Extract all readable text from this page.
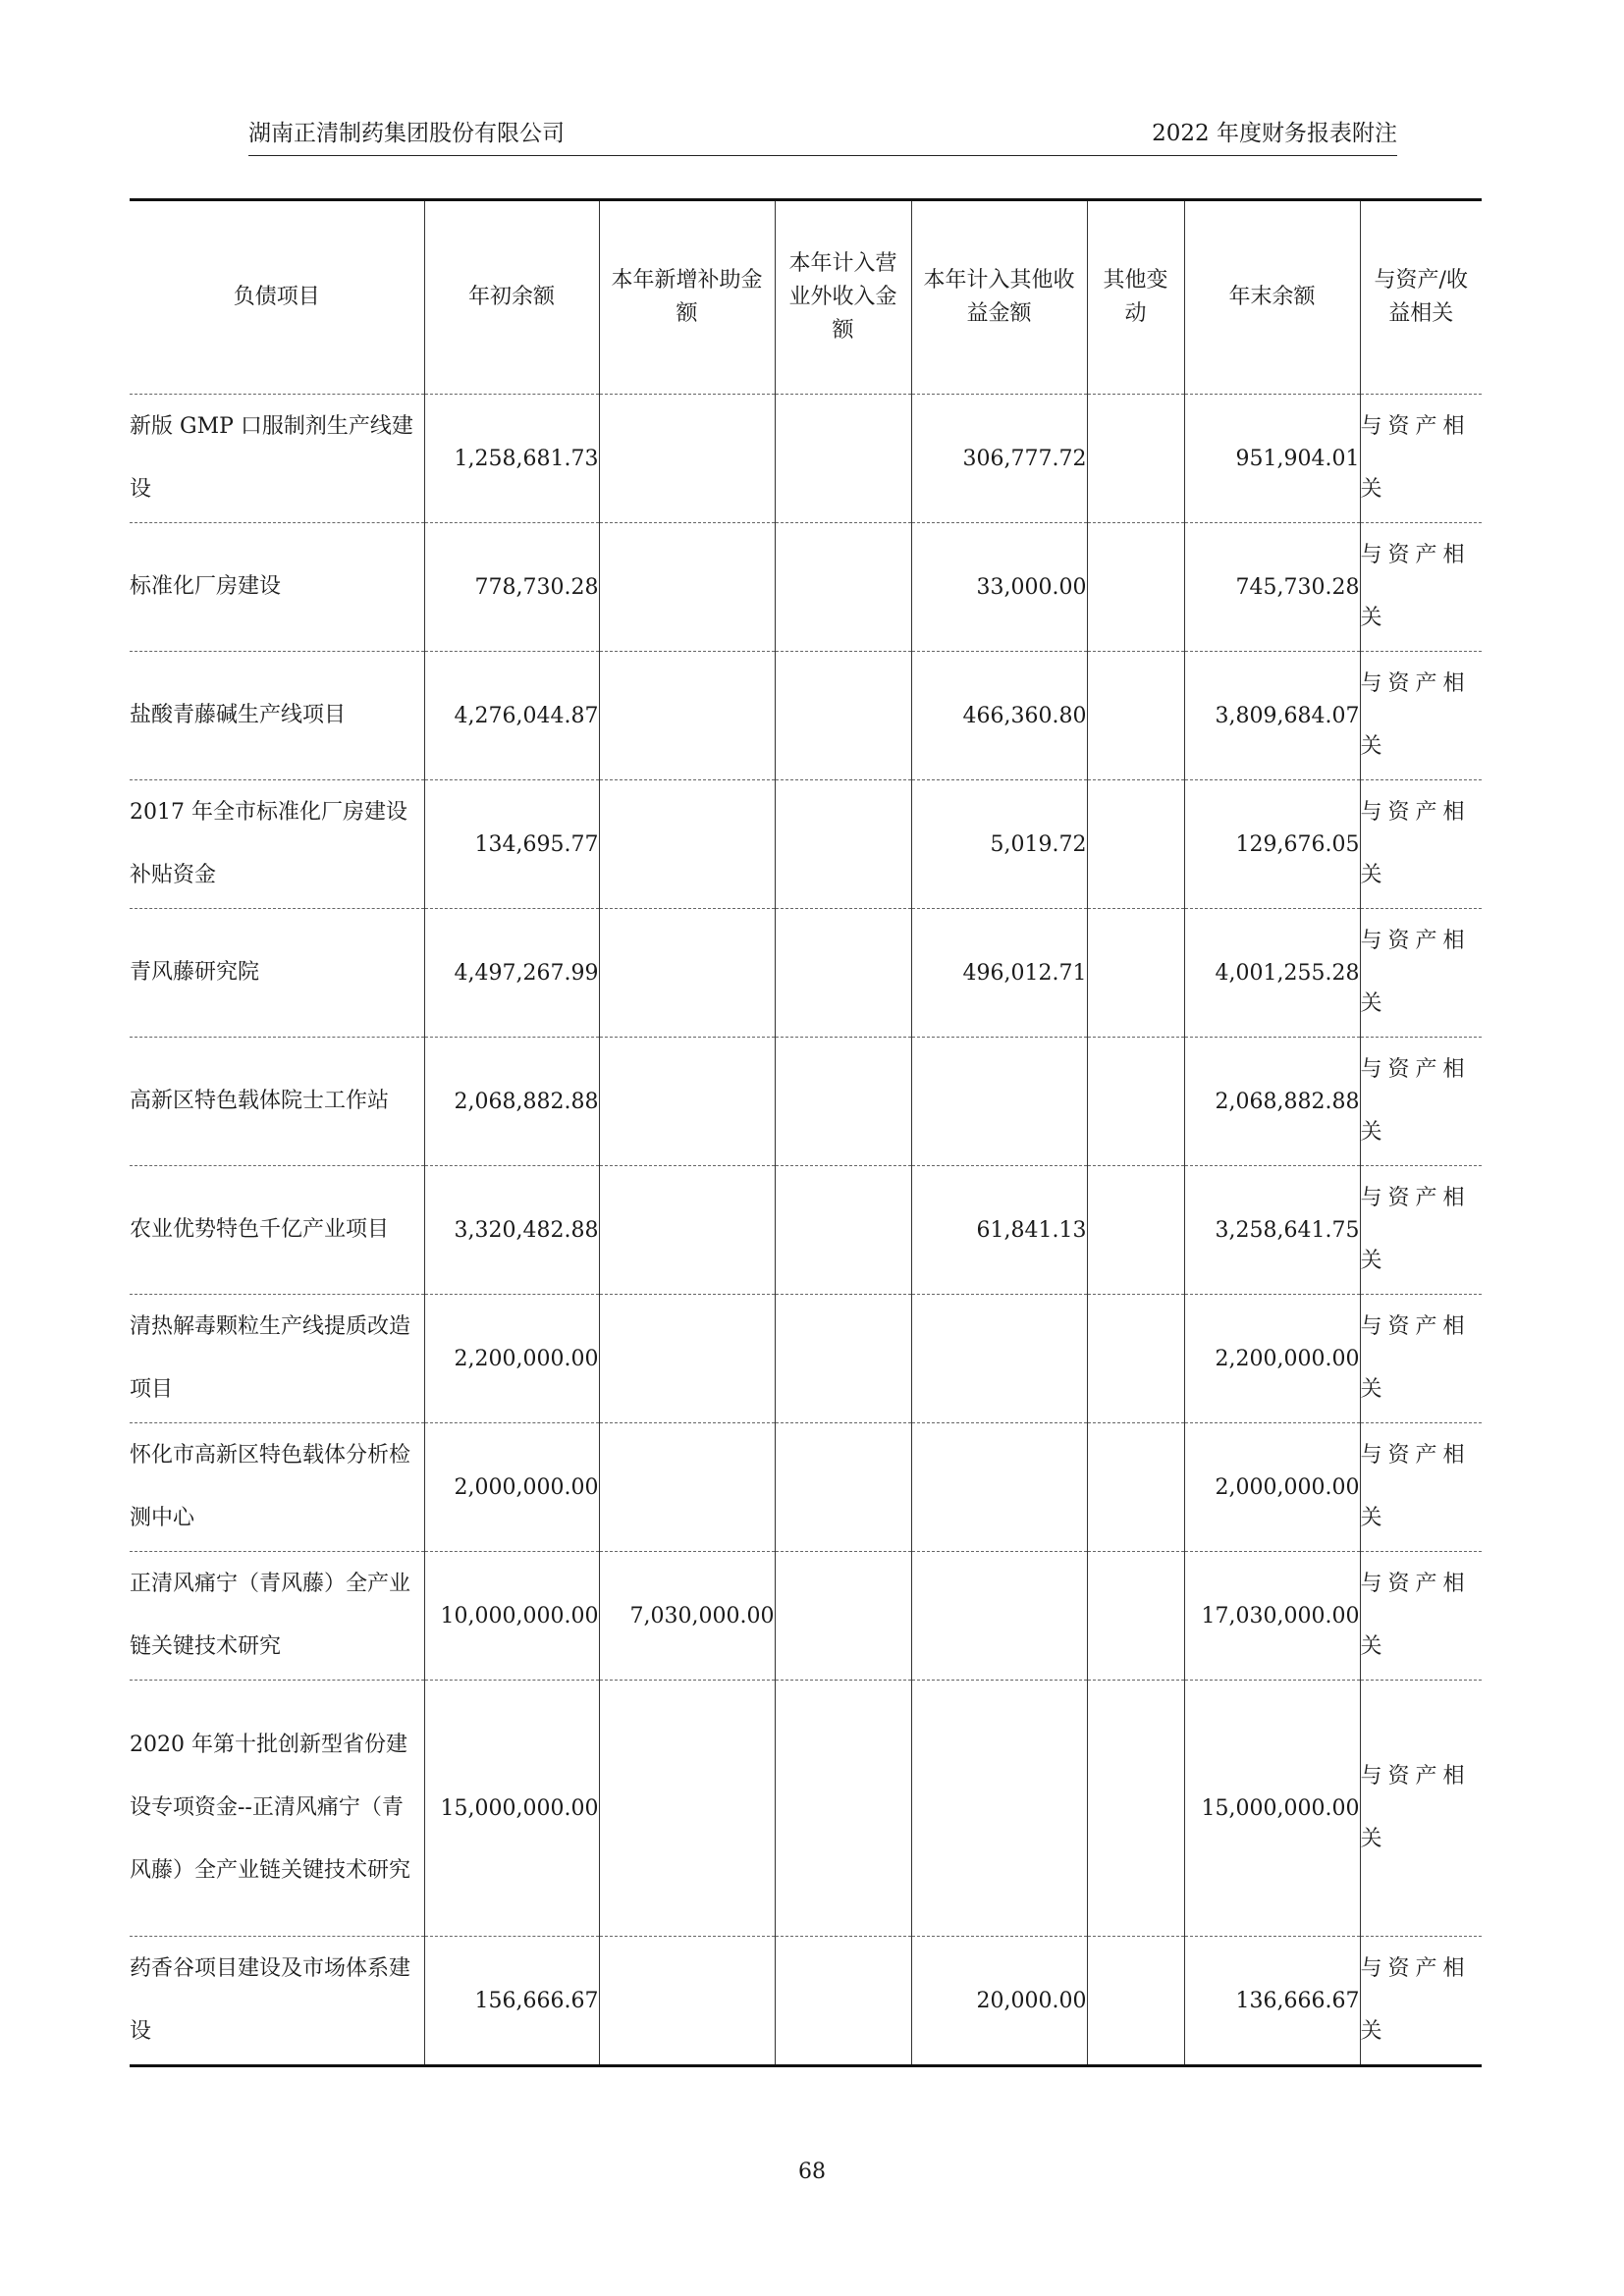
湖南正清制药集团股份有限公司	2022 年度财务报表附注
负债项目	年初余额	本年新增补助金额	本年计入营业外收入金额	本年计入其他收益金额	其他变动	年末余额	与资产/收益相关

新版 GMP 口服制剂生产线建设	1,258,681.73			306,777.72		951,904.01	与资产相关
标准化厂房建设	778,730.28			33,000.00		745,730.28	与资产相关
盐酸青藤碱生产线项目	4,276,044.87			466,360.80		3,809,684.07	与资产相关
2017 年全市标准化厂房建设补贴资金	134,695.77			5,019.72		129,676.05	与资产相关
青风藤研究院	4,497,267.99			496,012.71		4,001,255.28	与资产相关
高新区特色载体院士工作站	2,068,882.88					2,068,882.88	与资产相关
农业优势特色千亿产业项目	3,320,482.88			61,841.13		3,258,641.75	与资产相关
清热解毒颗粒生产线提质改造项目	2,200,000.00					2,200,000.00	与资产相关
怀化市高新区特色载体分析检测中心	2,000,000.00					2,000,000.00	与资产相关
正清风痛宁（青风藤）全产业链关键技术研究	10,000,000.00	7,030,000.00				17,030,000.00	与资产相关
2020 年第十批创新型省份建设专项资金--正清风痛宁（青风藤）全产业链关键技术研究	15,000,000.00					15,000,000.00	与资产相关
药香谷项目建设及市场体系建设	156,666.67			20,000.00		136,666.67	与资产相关
68
